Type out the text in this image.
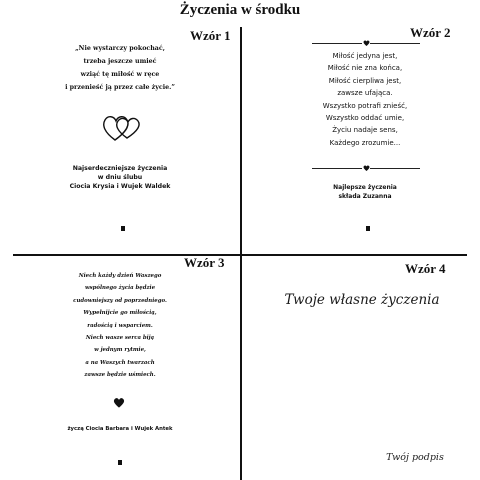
Życzenia w środku
Wzór 1
„Nie wystarczy pokochać,
trzeba jeszcze umieć
wziąć tę miłość w ręce
i przenieść ją przez całe życie.”
Najserdeczniejsze życzenia
w dniu ślubu
Ciocia Krysia i Wujek Waldek
Wzór 2
Miłość jedyna jest,
Miłość nie zna końca,
Miłość cierpliwa jest,
zawsze ufająca.
Wszystko potrafi znieść,
Wszystko oddać umie,
Życiu nadaje sens,
Każdego zrozumie...
Najlepsze życzenia
składa Zuzanna
Wzór 3
Niech każdy dzień Waszego
wspólnego życia będzie
cudowniejszy od poprzedniego.
Wypełnijcie go miłością,
radością i wsparciem.
Niech wasze serca biją
w jednym rytmie,
a na Waszych twarzach
zawsze będzie uśmiech.
życzą Ciocia Barbara i Wujek Antek
Wzór 4
Twoje własne życzenia
Twój podpis
